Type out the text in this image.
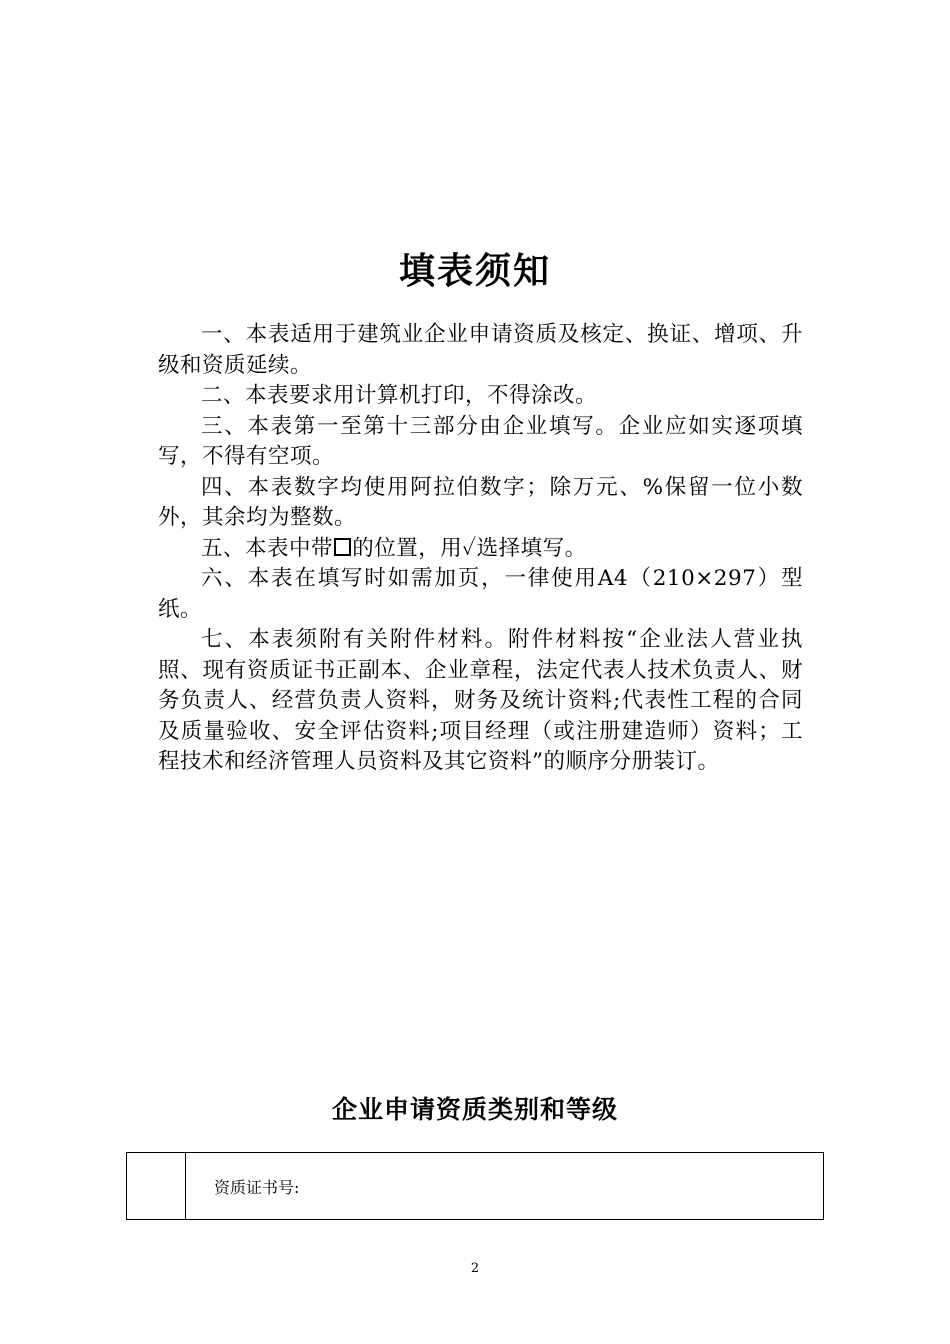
填表须知

一、本表适用于建筑业企业申请资质及核定、换证、增项、升级和资质延续。

二、本表要求用计算机打印，不得涂改。

三、本表第一至第十三部分由企业填写。企业应如实逐项填写，不得有空项。

四、本表数字均使用阿拉伯数字；除万元、%保留一位小数外，其余均为整数。

五、本表中带 的位置，用✓选择填写。

六、本表在填写时如需加页，一律使用A4（210×297）型纸。

七、本表须附有关附件材料。附件材料按“企业法人营业执照、现有资质证书正副本、企业章程，法定代表人技术负责人、财务负责人、经营负责人资料，财务及统计资料;代表性工程的合同及质量验收、安全评估资料;项目经理（或注册建造师）资料；工程技术和经济管理人员资料及其它资料”的顺序分册装订。

企业申请资质类别和等级
	资质证书号:
2
